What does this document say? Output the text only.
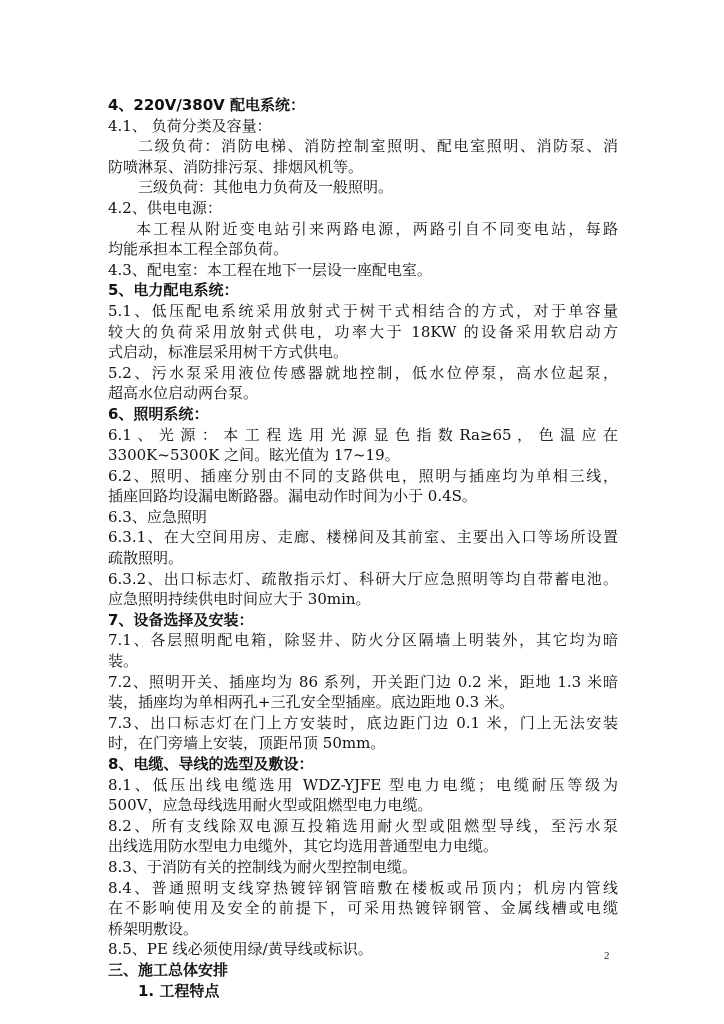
4、220V/380V 配电系统：
4.1、 负荷分类及容量：
二级负荷：消防电梯、消防控制室照明、配电室照明、消防泵、消
防喷淋泵、消防排污泵、排烟风机等。
三级负荷：其他电力负荷及一般照明。
4.2、供电电源：
本工程从附近变电站引来两路电源，两路引自不同变电站，每路
均能承担本工程全部负荷。
4.3、配电室：本工程在地下一层设一座配电室。
5、电力配电系统：
5.1、低压配电系统采用放射式于树干式相结合的方式，对于单容量
较大的负荷采用放射式供电，功率大于 18KW 的设备采用软启动方
式启动，标准层采用树干方式供电。
5.2、污水泵采用液位传感器就地控制，低水位停泵，高水位起泵，
超高水位启动两台泵。
6、照明系统：
6.1 、 光 源 ： 本 工 程 选 用 光 源 显 色 指 数 Ra≥65 ， 色 温 应 在
3300K~5300K 之间。眩光值为 17~19。
6.2、照明、插座分别由不同的支路供电，照明与插座均为单相三线，
插座回路均设漏电断路器。漏电动作时间为小于 0.4S。
6.3、应急照明
6.3.1、在大空间用房、走廊、楼梯间及其前室、主要出入口等场所设置
疏散照明。
6.3.2、出口标志灯、疏散指示灯、科研大厅应急照明等均自带蓄电池。
应急照明持续供电时间应大于 30min。
7、设备选择及安装：
7.1、各层照明配电箱，除竖井、防火分区隔墙上明装外，其它均为暗
装。
7.2、照明开关、插座均为 86 系列，开关距门边 0.2 米，距地 1.3 米暗
装，插座均为单相两孔+三孔安全型插座。底边距地 0.3 米。
7.3、出口标志灯在门上方安装时，底边距门边 0.1 米，门上无法安装
时，在门旁墙上安装，顶距吊顶 50mm。
8、电缆、导线的选型及敷设：
8.1、低压出线电缆选用 WDZ-YJFE 型电力电缆；电缆耐压等级为
500V，应急母线选用耐火型或阻燃型电力电缆。
8.2、所有支线除双电源互投箱选用耐火型或阻燃型导线，至污水泵
出线选用防水型电力电缆外，其它均选用普通型电力电缆。
8.3、于消防有关的控制线为耐火型控制电缆。
8.4、普通照明支线穿热镀锌钢管暗敷在楼板或吊顶内；机房内管线
在不影响使用及安全的前提下，可采用热镀锌钢管、金属线槽或电缆
桥架明敷设。
8.5、PE 线必须使用绿/黄导线或标识。
三、施工总体安排
1. 工程特点
2
